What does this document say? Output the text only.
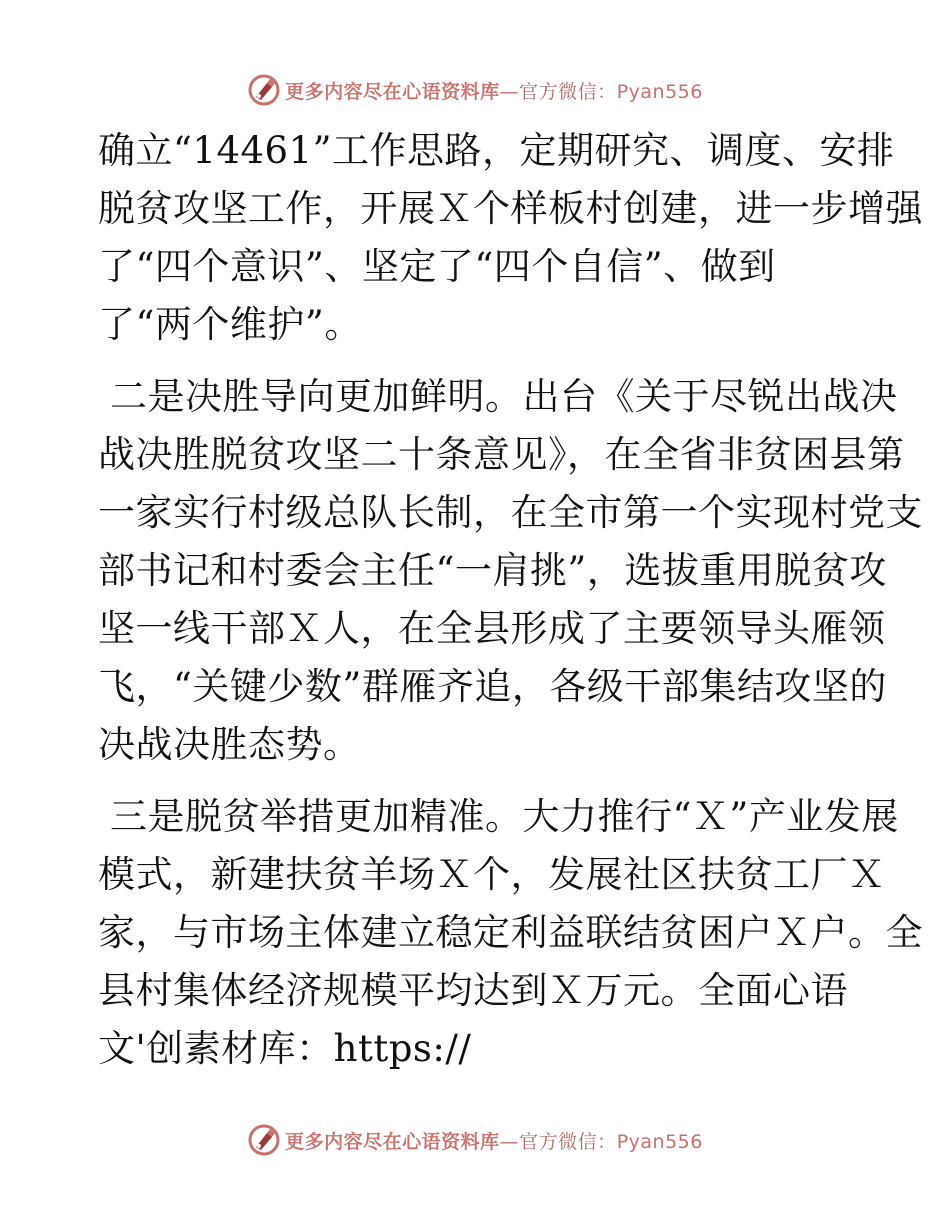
更多内容尽在心语资料库—官方微信：Pyan556
确立“14461”工作思路，定期研究、调度、安排
脱贫攻坚工作，开展Ｘ个样板村创建，进一步增强
了“四个意识”、坚定了“四个自信”、做到
了“两个维护”。
二是决胜导向更加鲜明。出台《关于尽锐出战决
战决胜脱贫攻坚二十条意见》，在全省非贫困县第
一家实行村级总队长制，在全市第一个实现村党支
部书记和村委会主任“一肩挑”，选拔重用脱贫攻
坚一线干部Ｘ人，在全县形成了主要领导头雁领
飞，“关键少数”群雁齐追，各级干部集结攻坚的
决战决胜态势。
三是脱贫举措更加精准。大力推行“Ｘ”产业发展
模式，新建扶贫羊场Ｘ个，发展社区扶贫工厂Ｘ
家，与市场主体建立稳定利益联结贫困户Ｘ户。全
县村集体经济规模平均达到Ｘ万元。全面心语
文'创素材库：https://
更多内容尽在心语资料库—官方微信：Pyan556
